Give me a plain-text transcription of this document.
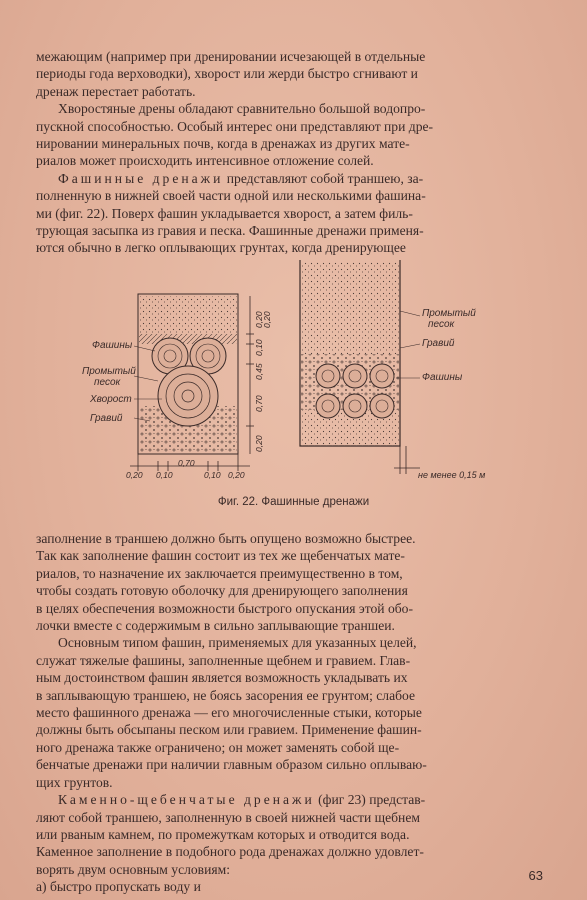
межающим (например при дренировании исчезающей в отдельные
периоды года верховодки), хворост или жерди быстро сгнивают и
дренаж перестает работать.

Хворостяные дрены обладают сравнительно большой водопро-
пускной способностью. Особый интерес они представляют при дре-
нировании минеральных почв, когда в дренажах из других мате-
риалов может происходить интенсивное отложение солей.

Фашинные дренажи представляют собой траншею, за-
полненную в нижней своей части одной или несколькими фашина-
ми (фиг. 22). Поверх фашин укладывается хворост, а затем филь-
трующая засыпка из гравия и песка. Фашинные дренажи применя-
ются обычно в легко оплывающих грунтах, когда дренирующее

Фашины
Промытый
песок
Хворост
Гравий
0,20
0,20
0,10
0,45
0,70
0,20
0,20 0,10
0,70
0,10 0,20
Промытый
песок
Гравий
Фашины
не менее 0,15 м
Фиг. 22. Фашинные дренажи

заполнение в траншею должно быть опущено возможно быстрее.
Так как заполнение фашин состоит из тех же щебенчатых мате-
риалов, то назначение их заключается преимущественно в том,
чтобы создать готовую оболочку для дренирующего заполнения
в целях обеспечения возможности быстрого опускания этой обо-
лочки вместе с содержимым в сильно заплывающие траншеи.

Основным типом фашин, применяемых для указанных целей,
служат тяжелые фашины, заполненные щебнем и гравием. Глав-
ным достоинством фашин является возможность укладывать их
в заплывающую траншею, не боясь засорения ее грунтом; слабое
место фашинного дренажа — его многочисленные стыки, которые
должны быть обсыпаны песком или гравием. Применение фашин-
ного дренажа также ограничено; он может заменять собой ще-
бенчатые дренажи при наличии главным образом сильно оплываю-
щих грунтов.

Каменно-щебенчатые дренажи (фиг 23) представ-
ляют собой траншею, заполненную в своей нижней части щебнем
или рваным камнем, по промежуткам которых и отводится вода.
Каменное заполнение в подобного рода дренажах должно удовлет-
ворять двум основным условиям:
а) быстро пропускать воду и

63
